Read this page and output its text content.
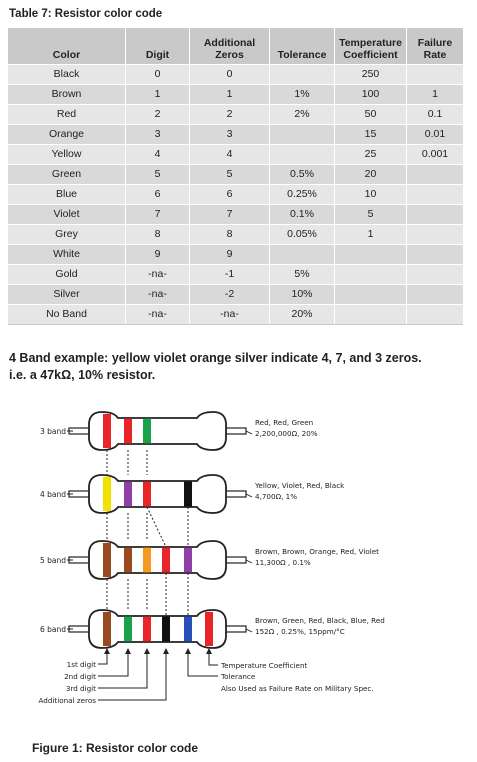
Table 7: Resistor color code
Color	Digit	Additional Zeros	Tolerance	Temperature Coefficient	Failure Rate
Black	0	0		250	
Brown	1	1	1%	100	1
Red	2	2	2%	50	0.1
Orange	3	3		15	0.01
Yellow	4	4		25	0.001
Green	5	5	0.5%	20	
Blue	6	6	0.25%	10	
Violet	7	7	0.1%	5	
Grey	8	8	0.05%	1	
White	9	9			
Gold	-na-	-1	5%		
Silver	-na-	-2	10%		
No Band	-na-	-na-	20%		
4 Band example: yellow violet orange silver indicate 4, 7, and 3 zeros.
i.e. a 47kΩ, 10% resistor.
3 band
Red, Red, Green
2,200,000Ω, 20%
4 band
Yellow, Violet, Red, Black
4,700Ω, 1%
5 band
Brown, Brown, Orange, Red, Violet
11,300Ω , 0.1%
6 band
Brown, Green, Red, Black, Blue, Red
152Ω , 0.25%, 15ppm/°C
1st digit
2nd digit
3rd digit
Additional zeros
Temperature Coefficient
Tolerance
Also Used as Failure Rate on Military Spec.
Figure 1: Resistor color code
